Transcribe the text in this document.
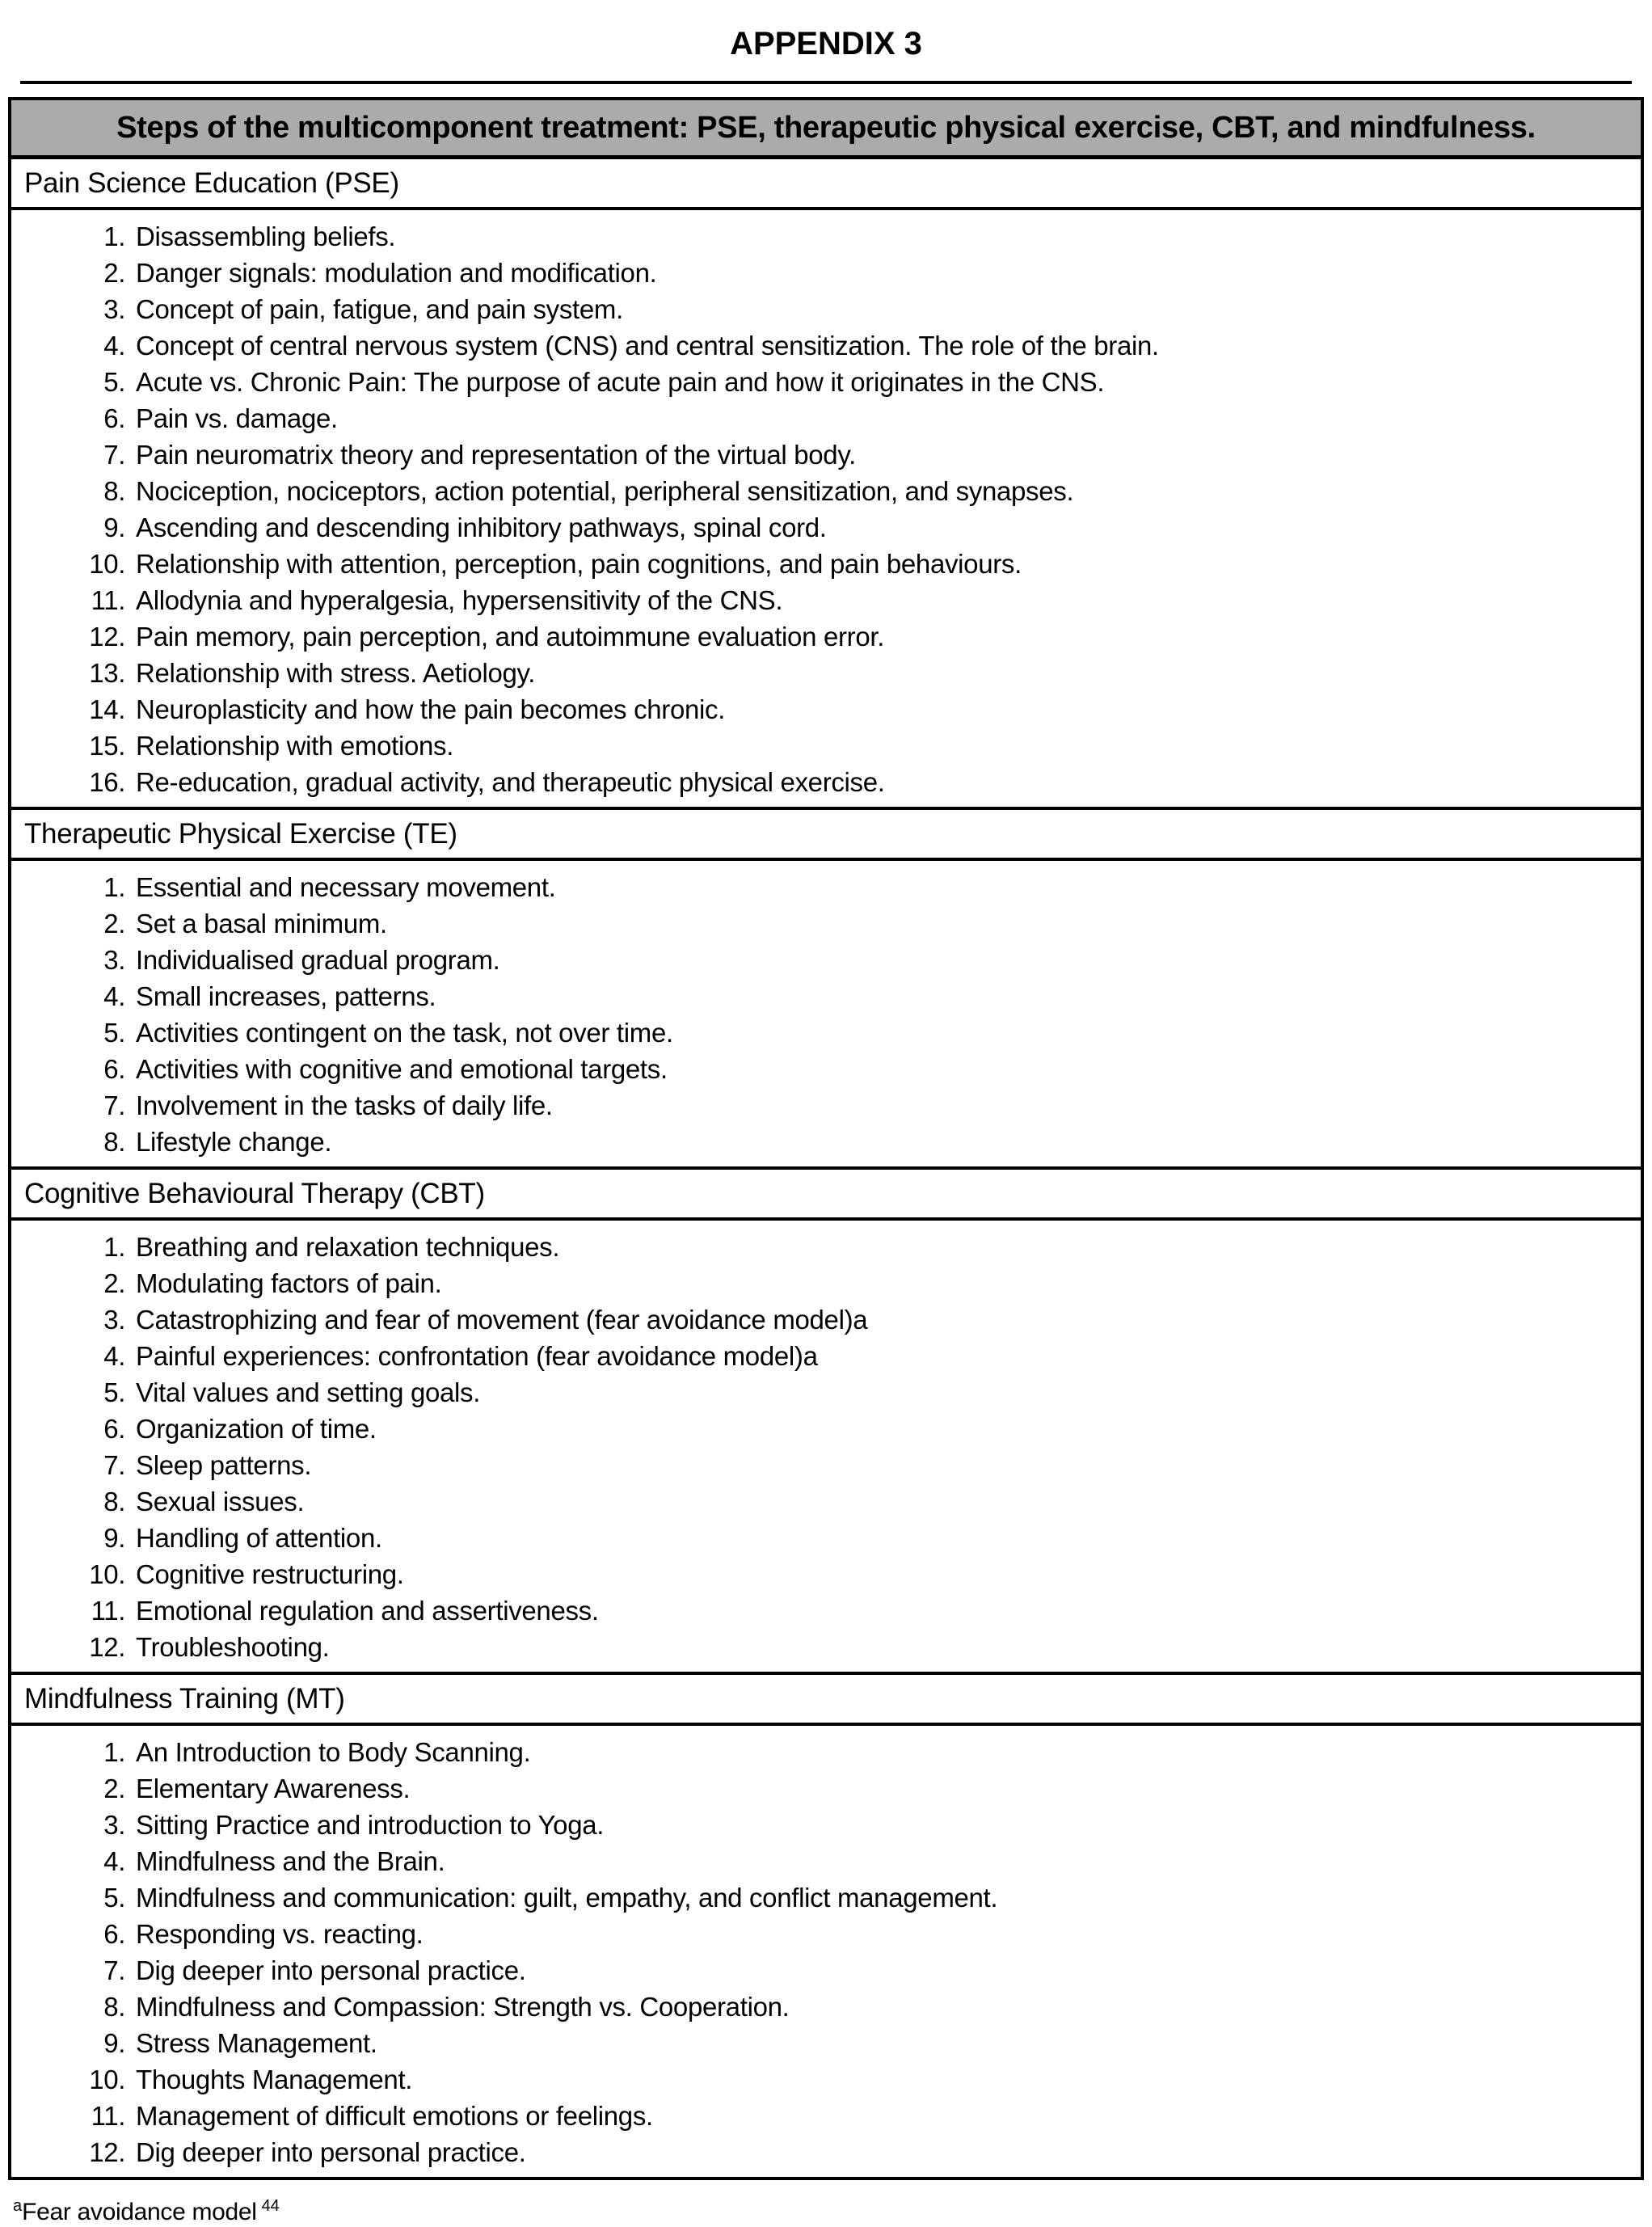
APPENDIX 3
Steps of the multicomponent treatment: PSE, therapeutic physical exercise, CBT, and mindfulness.
Pain Science Education (PSE)
1. Disassembling beliefs.
2. Danger signals: modulation and modification.
3. Concept of pain, fatigue, and pain system.
4. Concept of central nervous system (CNS) and central sensitization. The role of the brain.
5. Acute vs. Chronic Pain: The purpose of acute pain and how it originates in the CNS.
6. Pain vs. damage.
7. Pain neuromatrix theory and representation of the virtual body.
8. Nociception, nociceptors, action potential, peripheral sensitization, and synapses.
9. Ascending and descending inhibitory pathways, spinal cord.
10. Relationship with attention, perception, pain cognitions, and pain behaviours.
11. Allodynia and hyperalgesia, hypersensitivity of the CNS.
12. Pain memory, pain perception, and autoimmune evaluation error.
13. Relationship with stress. Aetiology.
14. Neuroplasticity and how the pain becomes chronic.
15. Relationship with emotions.
16. Re-education, gradual activity, and therapeutic physical exercise.
Therapeutic Physical Exercise (TE)
1. Essential and necessary movement.
2. Set a basal minimum.
3. Individualised gradual program.
4. Small increases, patterns.
5. Activities contingent on the task, not over time.
6. Activities with cognitive and emotional targets.
7. Involvement in the tasks of daily life.
8. Lifestyle change.
Cognitive Behavioural Therapy (CBT)
1. Breathing and relaxation techniques.
2. Modulating factors of pain.
3. Catastrophizing and fear of movement (fear avoidance model)a
4. Painful experiences: confrontation (fear avoidance model)a
5. Vital values and setting goals.
6. Organization of time.
7. Sleep patterns.
8. Sexual issues.
9. Handling of attention.
10. Cognitive restructuring.
11. Emotional regulation and assertiveness.
12. Troubleshooting.
Mindfulness Training (MT)
1. An Introduction to Body Scanning.
2. Elementary Awareness.
3. Sitting Practice and introduction to Yoga.
4. Mindfulness and the Brain.
5. Mindfulness and communication: guilt, empathy, and conflict management.
6. Responding vs. reacting.
7. Dig deeper into personal practice.
8. Mindfulness and Compassion: Strength vs. Cooperation.
9. Stress Management.
10. Thoughts Management.
11. Management of difficult emotions or feelings.
12. Dig deeper into personal practice.
$^a$Fear avoidance model $^{44}$
